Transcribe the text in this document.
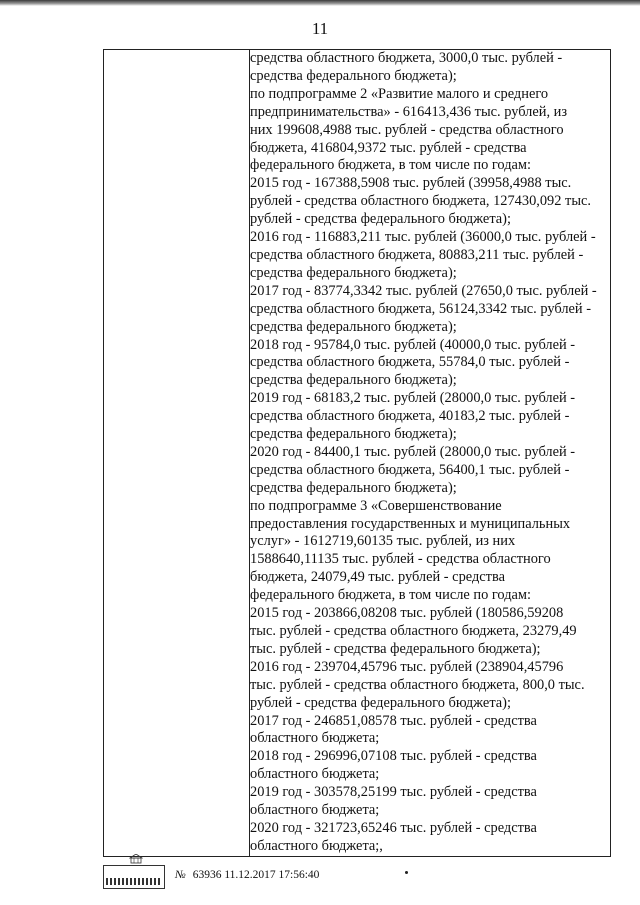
11

средства областного бюджета, 3000,0 тыс. рублей -
средства федерального бюджета);
по подпрограмме 2 «Развитие малого и среднего
предпринимательства» - 616413,436 тыс. рублей, из
них 199608,4988 тыс. рублей - средства областного
бюджета, 416804,9372 тыс. рублей - средства
федерального бюджета, в том числе по годам:
2015 год - 167388,5908 тыс. рублей (39958,4988 тыс.
рублей - средства областного бюджета, 127430,092 тыс.
рублей - средства федерального бюджета);
2016 год - 116883,211 тыс. рублей (36000,0 тыс. рублей -
средства областного бюджета, 80883,211 тыс. рублей -
средства федерального бюджета);
2017 год - 83774,3342 тыс. рублей (27650,0 тыс. рублей -
средства областного бюджета, 56124,3342 тыс. рублей -
средства федерального бюджета);
2018 год - 95784,0 тыс. рублей (40000,0 тыс. рублей -
средства областного бюджета, 55784,0 тыс. рублей -
средства федерального бюджета);
2019 год - 68183,2 тыс. рублей (28000,0 тыс. рублей -
средства областного бюджета, 40183,2 тыс. рублей -
средства федерального бюджета);
2020 год - 84400,1 тыс. рублей (28000,0 тыс. рублей -
средства областного бюджета, 56400,1 тыс. рублей -
средства федерального бюджета);
по подпрограмме 3 «Совершенствование
предоставления государственных и муниципальных
услуг» - 1612719,60135 тыс. рублей, из них
1588640,11135 тыс. рублей - средства областного
бюджета, 24079,49 тыс. рублей - средства
федерального бюджета, в том числе по годам:
2015 год - 203866,08208 тыс. рублей (180586,59208
тыс. рублей - средства областного бюджета, 23279,49
тыс. рублей - средства федерального бюджета);
2016 год - 239704,45796 тыс. рублей (238904,45796
тыс. рублей - средства областного бюджета, 800,0 тыс.
рублей - средства федерального бюджета);
2017 год - 246851,08578 тыс. рублей - средства
областного бюджета;
2018 год - 296996,07108 тыс. рублей - средства
областного бюджета;
2019 год - 303578,25199 тыс. рублей - средства
областного бюджета;
2020 год - 321723,65246 тыс. рублей - средства
областного бюджета;,
№ 63936 11.12.2017 17:56:40
